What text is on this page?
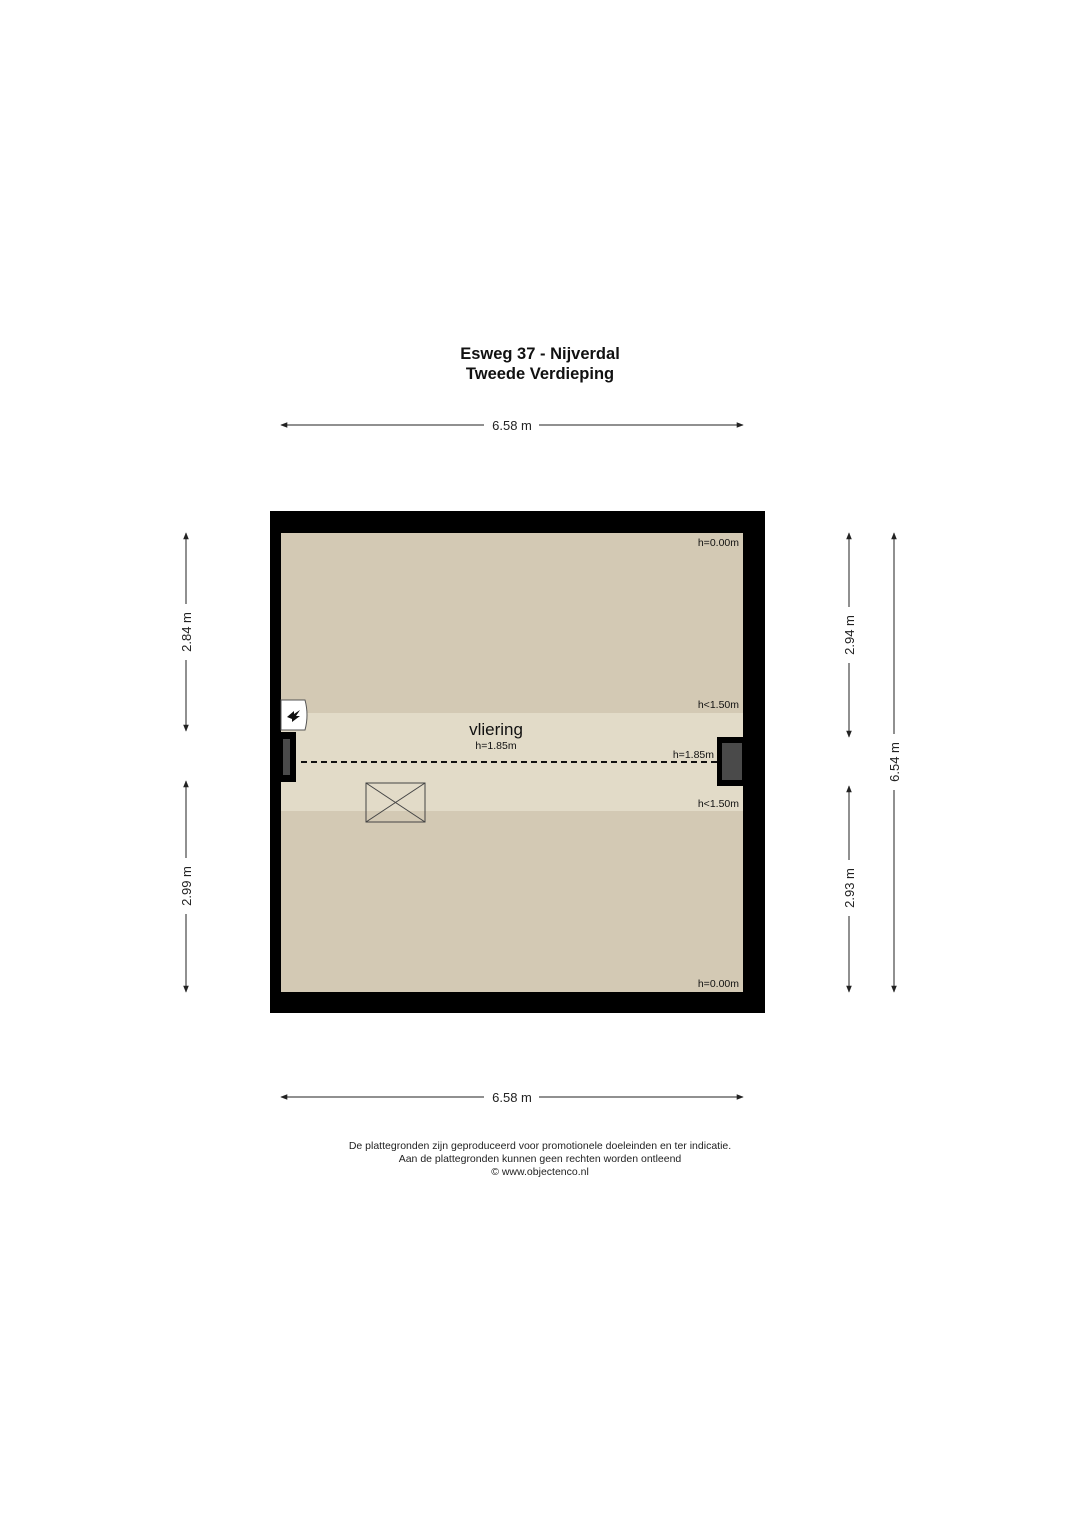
Esweg 37 - Nijverdal
Tweede Verdieping
6.58 m
6.58 m
2.84 m
2.99 m
2.94 m
2.93 m
6.54 m
vliering
h=1.85m
h=0.00m
h<1.50m
h=1.85m
h<1.50m
h=0.00m
De plattegronden zijn geproduceerd voor promotionele doeleinden en ter indicatie.
Aan de plattegronden kunnen geen rechten worden ontleend
© www.objectenco.nl
